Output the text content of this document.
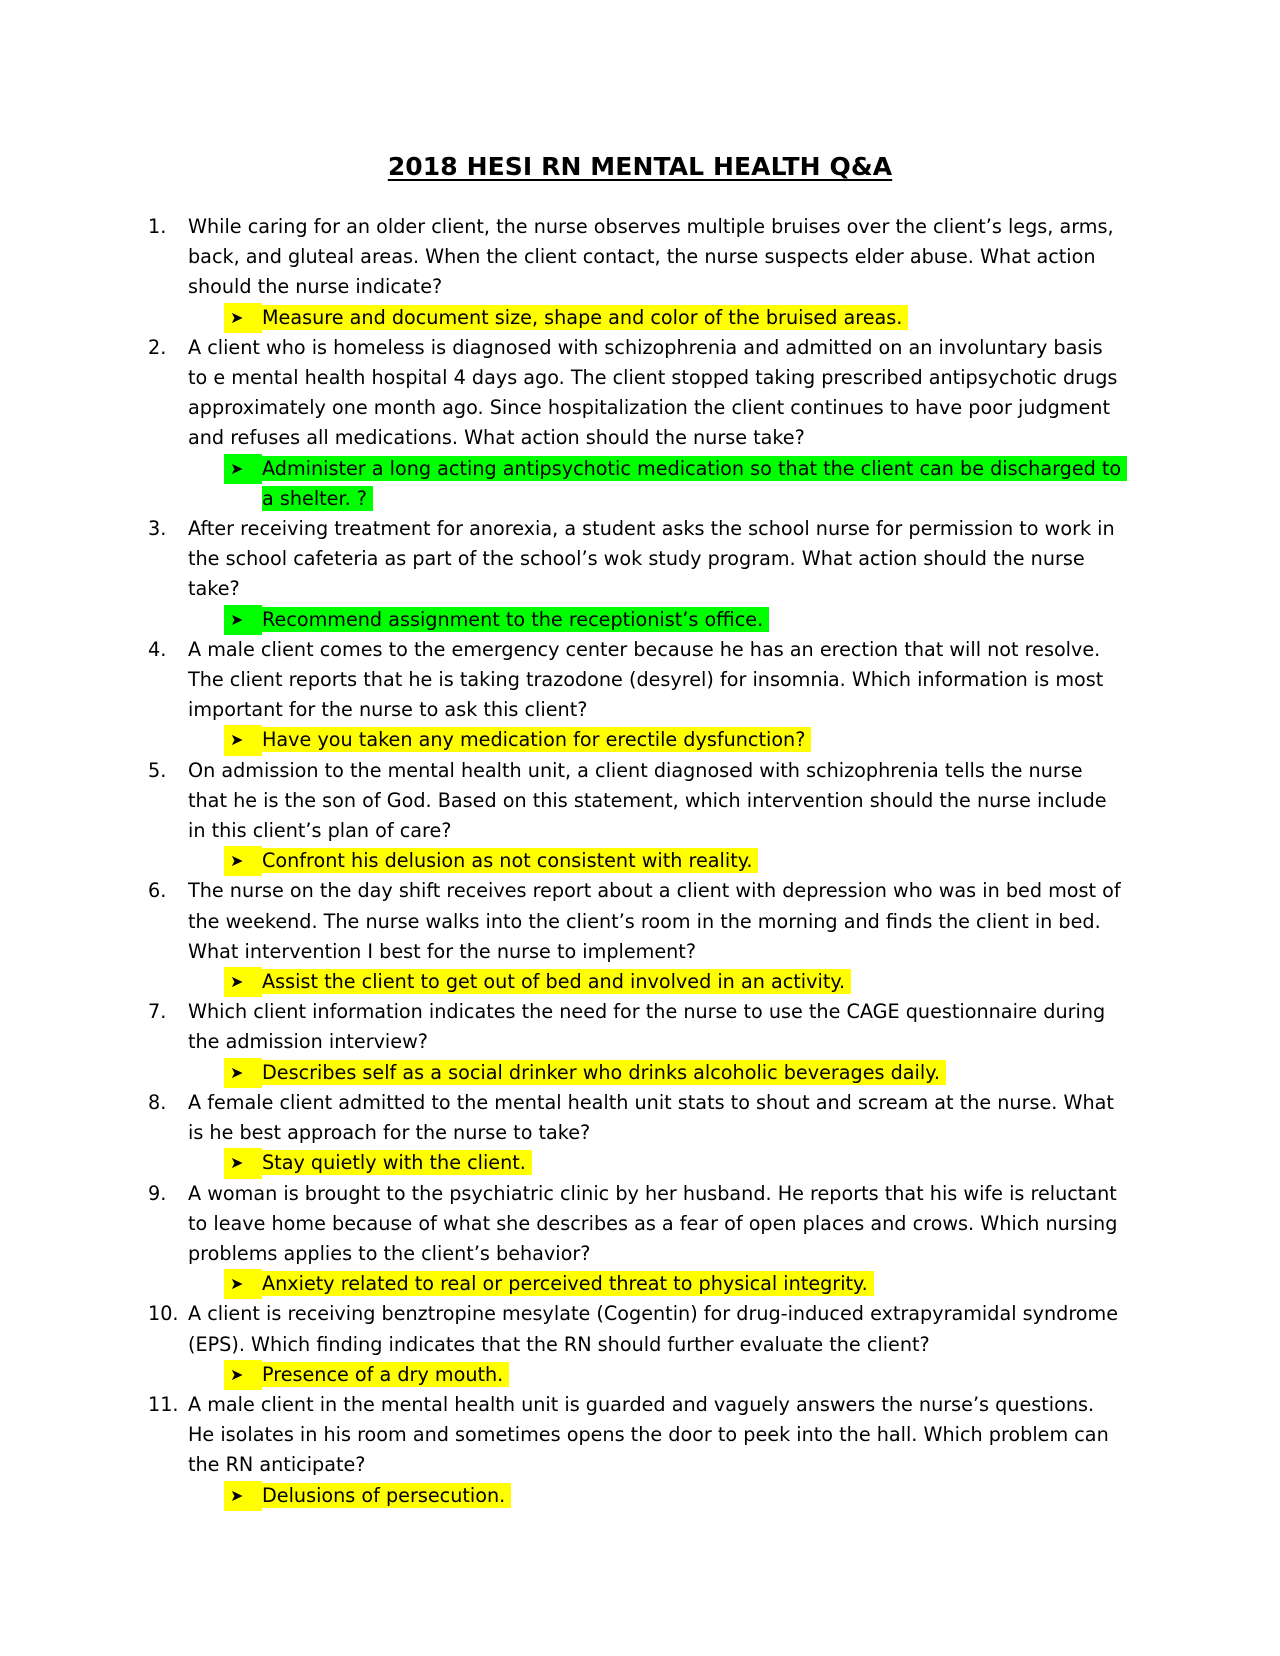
2018 HESI RN MENTAL HEALTH Q&A
1.	While caring for an older client, the nurse observes multiple bruises over the client’s legs, arms, back, and gluteal areas. When the client contact, the nurse suspects elder abuse. What action should the nurse indicate?
➤ Measure and document size, shape and color of the bruised areas.
2.	A client who is homeless is diagnosed with schizophrenia and admitted on an involuntary basis to e mental health hospital 4 days ago. The client stopped taking prescribed antipsychotic drugs approximately one month ago. Since hospitalization the client continues to have poor judgment and refuses all medications. What action should the nurse take?
➤ Administer a long acting antipsychotic medication so that the client can be discharged to a shelter. ?
3.	After receiving treatment for anorexia, a student asks the school nurse for permission to work in the school cafeteria as part of the school’s wok study program. What action should the nurse take?
➤ Recommend assignment to the receptionist’s office.
4.	A male client comes to the emergency center because he has an erection that will not resolve. The client reports that he is taking trazodone (desyrel) for insomnia. Which information is most important for the nurse to ask this client?
➤ Have you taken any medication for erectile dysfunction?
5.	On admission to the mental health unit, a client diagnosed with schizophrenia tells the nurse that he is the son of God. Based on this statement, which intervention should the nurse include in this client’s plan of care?
➤ Confront his delusion as not consistent with reality.
6.	The nurse on the day shift receives report about a client with depression who was in bed most of the weekend. The nurse walks into the client’s room in the morning and finds the client in bed. What intervention I best for the nurse to implement?
➤ Assist the client to get out of bed and involved in an activity.
7.	Which client information indicates the need for the nurse to use the CAGE questionnaire during the admission interview?
➤ Describes self as a social drinker who drinks alcoholic beverages daily.
8.	A female client admitted to the mental health unit stats to shout and scream at the nurse. What is he best approach for the nurse to take?
➤ Stay quietly with the client.
9.	A woman is brought to the psychiatric clinic by her husband. He reports that his wife is reluctant to leave home because of what she describes as a fear of open places and crows. Which nursing problems applies to the client’s behavior?
➤ Anxiety related to real or perceived threat to physical integrity.
10. A client is receiving benztropine mesylate (Cogentin) for drug-induced extrapyramidal syndrome (EPS). Which finding indicates that the RN should further evaluate the client?
➤ Presence of a dry mouth.
11. A male client in the mental health unit is guarded and vaguely answers the nurse’s questions. He isolates in his room and sometimes opens the door to peek into the hall. Which problem can the RN anticipate?
➤ Delusions of persecution.
